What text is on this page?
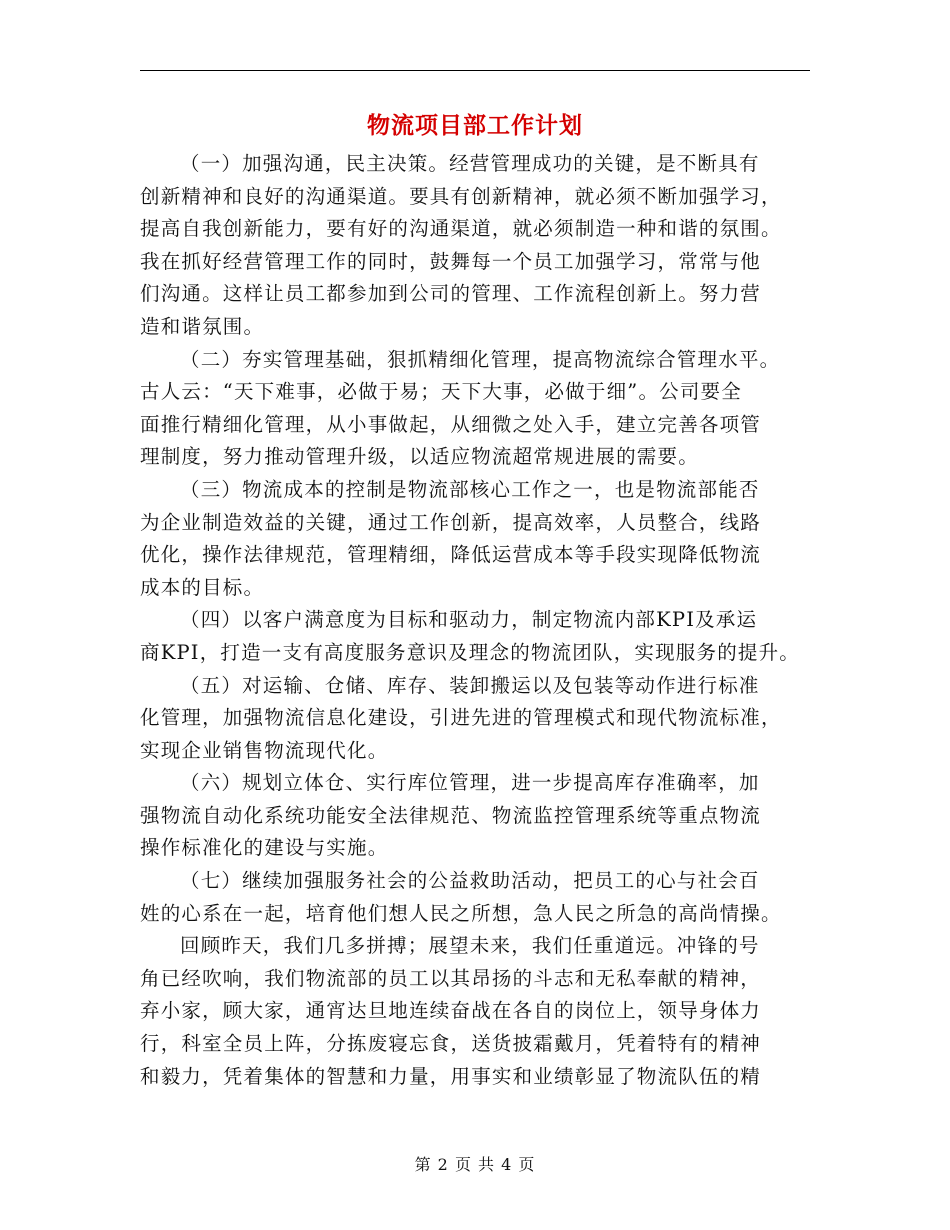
物流项目部工作计划
（一）加强沟通，民主决策。经营管理成功的关键，是不断具有
创新精神和良好的沟通渠道。要具有创新精神，就必须不断加强学习，
提高自我创新能力，要有好的沟通渠道，就必须制造一种和谐的氛围。
我在抓好经营管理工作的同时，鼓舞每一个员工加强学习，常常与他
们沟通。这样让员工都参加到公司的管理、工作流程创新上。努力营
造和谐氛围。
（二）夯实管理基础，狠抓精细化管理，提高物流综合管理水平。
古人云：“天下难事，必做于易；天下大事，必做于细”。公司要全
面推行精细化管理，从小事做起，从细微之处入手，建立完善各项管
理制度，努力推动管理升级，以适应物流超常规进展的需要。
（三）物流成本的控制是物流部核心工作之一，也是物流部能否
为企业制造效益的关键，通过工作创新，提高效率，人员整合，线路
优化，操作法律规范，管理精细，降低运营成本等手段实现降低物流
成本的目标。
（四）以客户满意度为目标和驱动力，制定物流内部KPI及承运
商KPI，打造一支有高度服务意识及理念的物流团队，实现服务的提升。
（五）对运输、仓储、库存、装卸搬运以及包装等动作进行标准
化管理，加强物流信息化建设，引进先进的管理模式和现代物流标准，
实现企业销售物流现代化。
（六）规划立体仓、实行库位管理，进一步提高库存准确率，加
强物流自动化系统功能安全法律规范、物流监控管理系统等重点物流
操作标准化的建设与实施。
（七）继续加强服务社会的公益救助活动，把员工的心与社会百
姓的心系在一起，培育他们想人民之所想，急人民之所急的高尚情操。
回顾昨天，我们几多拼搏；展望未来，我们任重道远。冲锋的号
角已经吹响，我们物流部的员工以其昂扬的斗志和无私奉献的精神，
弃小家，顾大家，通宵达旦地连续奋战在各自的岗位上，领导身体力
行，科室全员上阵，分拣废寝忘食，送货披霜戴月，凭着特有的精神
和毅力，凭着集体的智慧和力量，用事实和业绩彰显了物流队伍的精
第 2 页 共 4 页
